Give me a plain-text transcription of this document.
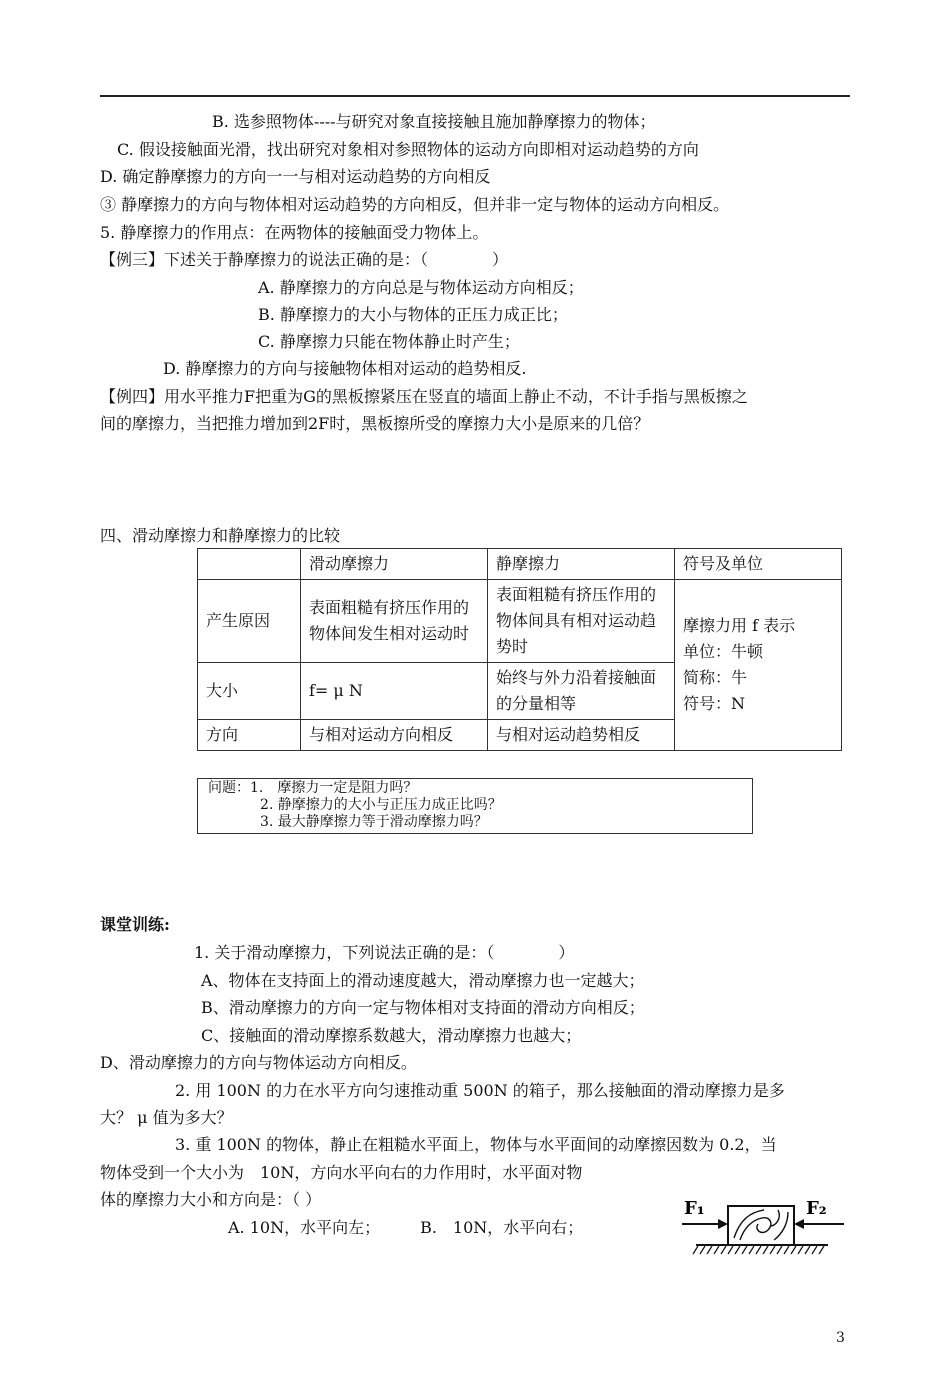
B. 选参照物体----与研究对象直接接触且施加静摩擦力的物体；
C. 假设接触面光滑，找出研究对象相对参照物体的运动方向即相对运动趋势的方向
D. 确定静摩擦力的方向一一与相对运动趋势的方向相反
③ 静摩擦力的方向与物体相对运动趋势的方向相反，但并非一定与物体的运动方向相反。
5. 静摩擦力的作用点：在两物体的接触面受力物体上。
【例三】下述关于静摩擦力的说法正确的是：（　　　　）
A. 静摩擦力的方向总是与物体运动方向相反；
B. 静摩擦力的大小与物体的正压力成正比；
C. 静摩擦力只能在物体静止时产生；
D. 静摩擦力的方向与接触物体相对运动的趋势相反.
【例四】用水平推力F把重为G的黑板擦紧压在竖直的墙面上静止不动，不计手指与黑板擦之
间的摩擦力，当把推力增加到2F时，黑板擦所受的摩擦力大小是原来的几倍？
四、滑动摩擦力和静摩擦力的比较
	滑动摩擦力	静摩擦力	符号及单位
产生原因	表面粗糙有挤压作用的物体间发生相对运动时	表面粗糙有挤压作用的物体间具有相对运动趋势时	摩擦力用 f 表示
单位：牛顿
简称：牛
符号：N

大小	f= μ N	始终与外力沿着接触面的分量相等	
方向	与相对运动方向相反	与相对运动趋势相反	
问题：1.　摩擦力一定是阻力吗？
2. 静摩擦力的大小与正压力成正比吗？
3. 最大静摩擦力等于滑动摩擦力吗？
课堂训练:
1. 关于滑动摩擦力，下列说法正确的是：（　　　　）
A、物体在支持面上的滑动速度越大，滑动摩擦力也一定越大；
B、滑动摩擦力的方向一定与物体相对支持面的滑动方向相反；
C、接触面的滑动摩擦系数越大，滑动摩擦力也越大；
D、滑动摩擦力的方向与物体运动方向相反。
2. 用 100N 的力在水平方向匀速推动重 500N 的箱子，那么接触面的滑动摩擦力是多
大？ μ 值为多大？
3. 重 100N 的物体，静止在粗糙水平面上，物体与水平面间的动摩擦因数为 0.2，当
物体受到一个大小为　10N，方向水平向右的力作用时，水平面对物
体的摩擦力大小和方向是：（ ）
A. 10N，水平向左；　　　B.　10N，水平向右；
F₁	F₂
3
